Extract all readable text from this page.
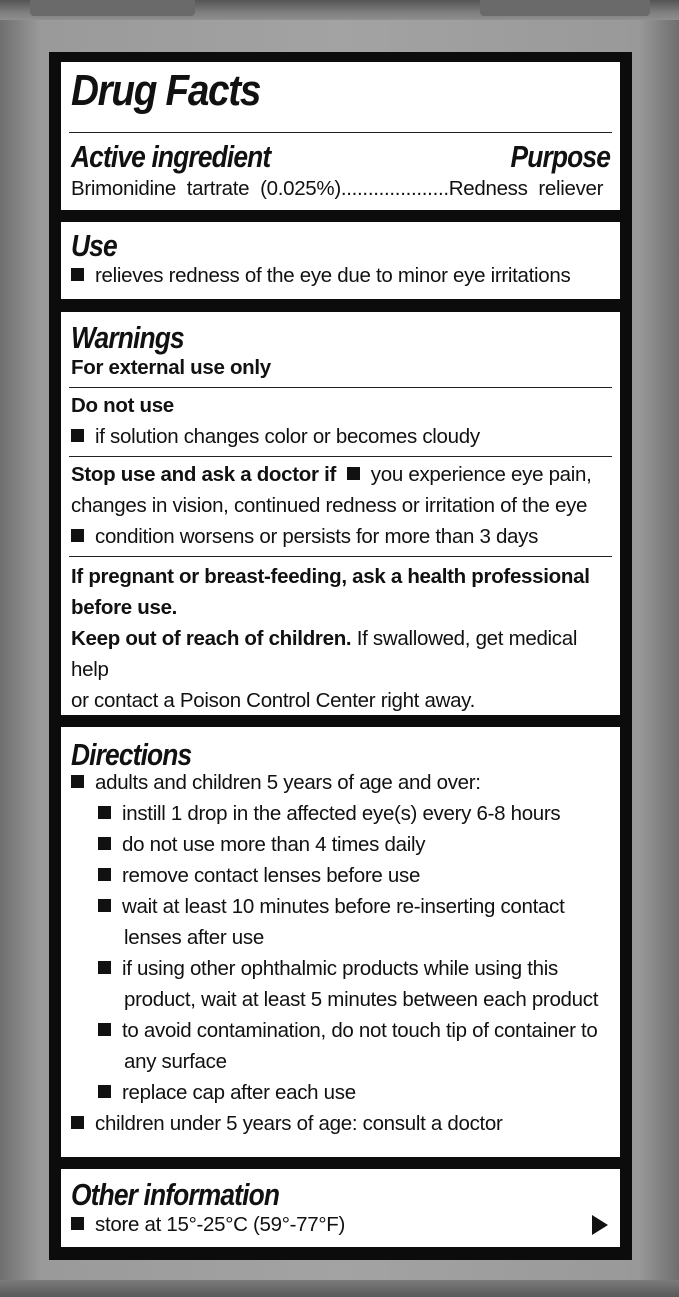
Drug Facts
Active ingredient	Purpose
Brimonidine  tartrate  (0.025%)....................Redness  reliever
Use
relieves redness of the eye due to minor eye irritations
Warnings
For external use only
Do not use
if solution changes color or becomes cloudy
Stop use and ask a doctor if you experience eye pain,
changes in vision, continued redness or irritation of the eye
condition worsens or persists for more than 3 days
If pregnant or breast-feeding, ask a health professional
before use.
Keep out of reach of children. If swallowed, get medical help
or contact a Poison Control Center right away.
Directions
adults and children 5 years of age and over:
instill 1 drop in the affected eye(s) every 6-8 hours
do not use more than 4 times daily
remove contact lenses before use
wait at least 10 minutes before re-inserting contact
lenses after use
if using other ophthalmic products while using this
product, wait at least 5 minutes between each product
to avoid contamination, do not touch tip of container to
any surface
replace cap after each use
children under 5 years of age: consult a doctor
Other information
store at 15°-25°C (59°-77°F)
